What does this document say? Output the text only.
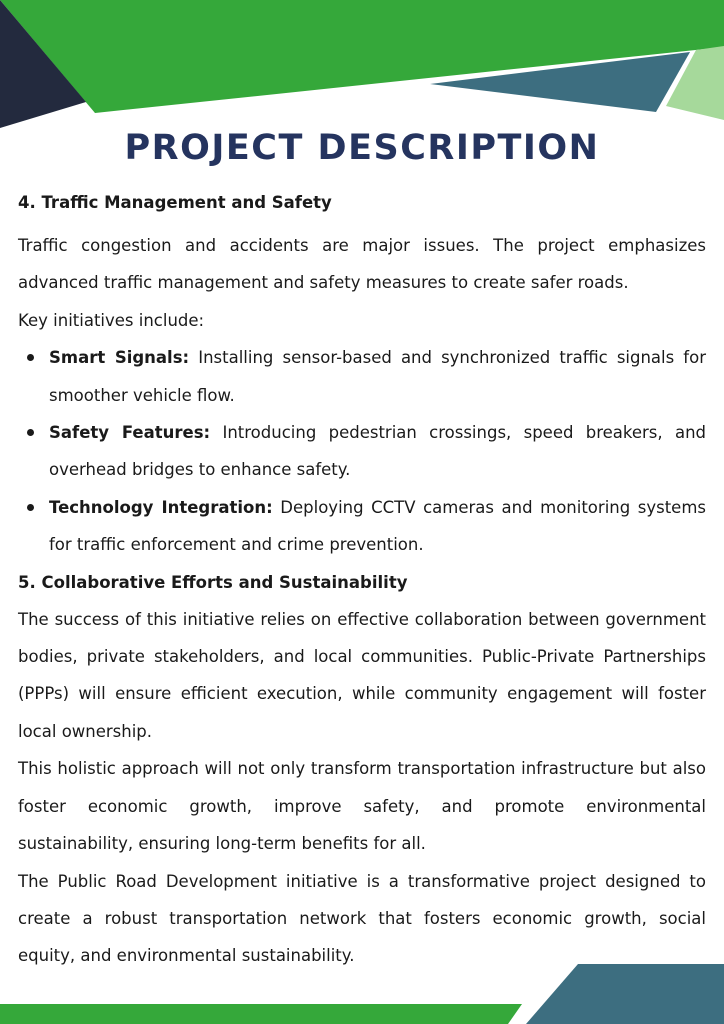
PROJECT DESCRIPTION
4. Traffic Management and Safety

Traffic congestion and accidents are major issues. The project emphasizes advanced traffic management and safety measures to create safer roads.

Key initiatives include:

Smart Signals: Installing sensor-based and synchronized traffic signals for smoother vehicle flow.
Safety Features: Introducing pedestrian crossings, speed breakers, and overhead bridges to enhance safety.
Technology Integration: Deploying CCTV cameras and monitoring systems for traffic enforcement and crime prevention.
5. Collaborative Efforts and Sustainability

The success of this initiative relies on effective collaboration between government bodies, private stakeholders, and local communities. Public-Private Partnerships (PPPs) will ensure efficient execution, while community engagement will foster local ownership.

This holistic approach will not only transform transportation infrastructure but also foster economic growth, improve safety, and promote environmental sustainability, ensuring long-term benefits for all.

The Public Road Development initiative is a transformative project designed to create a robust transportation network that fosters economic growth, social equity, and environmental sustainability.
